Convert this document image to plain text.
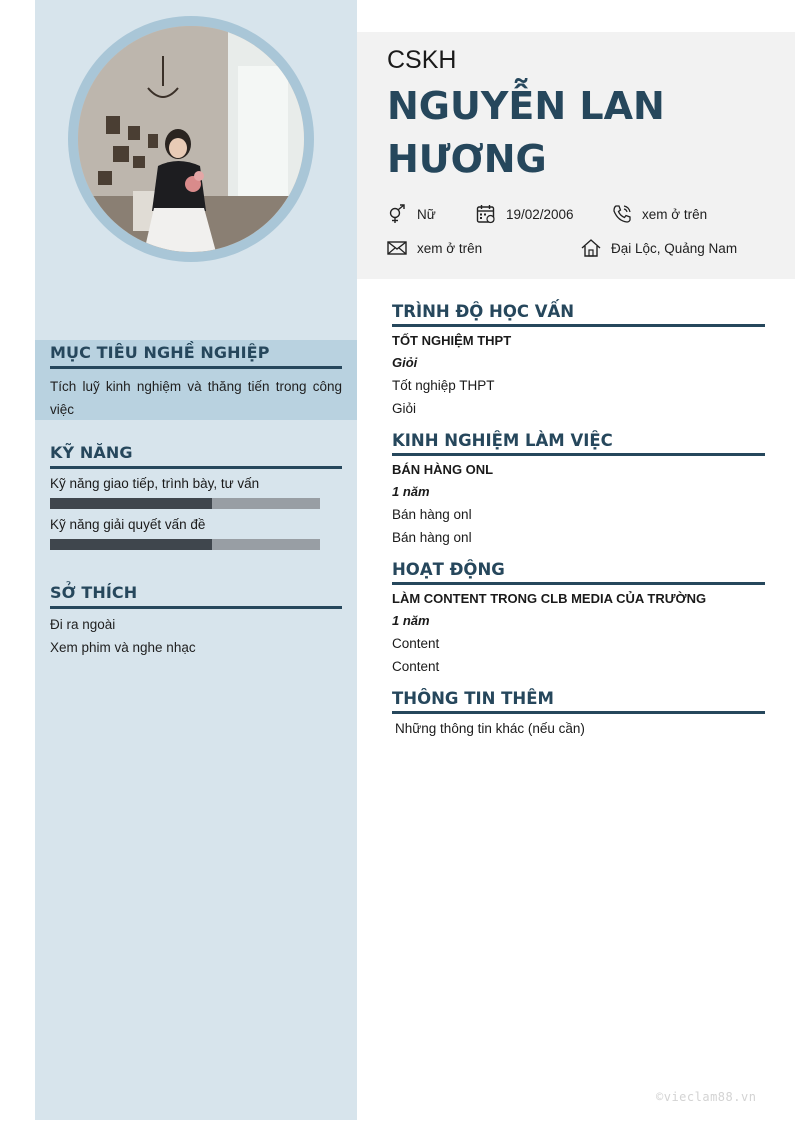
MỤC TIÊU NGHỀ NGHIỆP
Tích luỹ kinh nghiệm và thăng tiến trong công việc
KỸ NĂNG
Kỹ năng giao tiếp, trình bày, tư vấn
Kỹ năng giải quyết vấn đề
SỞ THÍCH
Đi ra ngoài
Xem phim và nghe nhạc
CSKH
NGUYỄN LAN HƯƠNG
Nữ	19/02/2006	xem ở trên
xem ở trên	Đại Lộc, Quảng Nam
TRÌNH ĐỘ HỌC VẤN
TỐT NGHIỆM THPT
Giỏi
Tốt nghiệp THPT
Giỏi
KINH NGHIỆM LÀM VIỆC
BÁN HÀNG ONL
1 năm
Bán hàng onl
Bán hàng onl
HOẠT ĐỘNG
LÀM CONTENT TRONG CLB MEDIA CỦA TRƯỜNG
1 năm
Content
Content
THÔNG TIN THÊM
Những thông tin khác (nếu cần)
©vieclam88.vn
